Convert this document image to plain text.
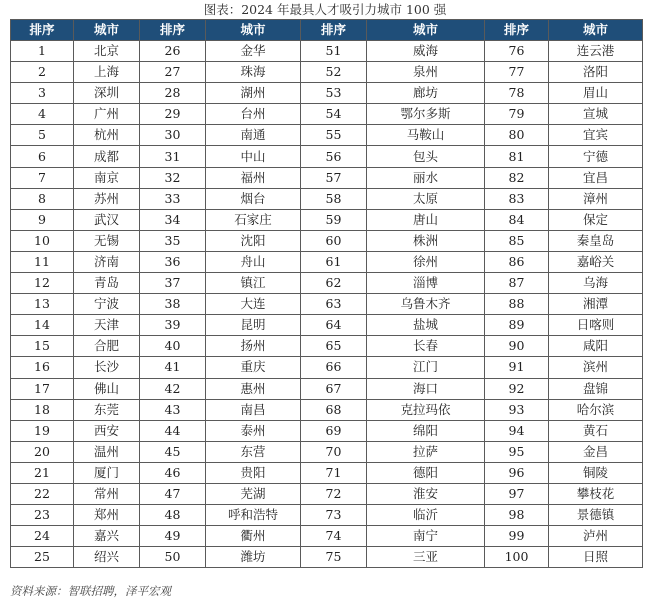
图表：2024 年最具人才吸引力城市 100 强
排序	城市	排序	城市	排序	城市	排序	城市
1	北京	26	金华	51	威海	76	连云港
2	上海	27	珠海	52	泉州	77	洛阳
3	深圳	28	湖州	53	廊坊	78	眉山
4	广州	29	台州	54	鄂尔多斯	79	宣城
5	杭州	30	南通	55	马鞍山	80	宜宾
6	成都	31	中山	56	包头	81	宁德
7	南京	32	福州	57	丽水	82	宜昌
8	苏州	33	烟台	58	太原	83	漳州
9	武汉	34	石家庄	59	唐山	84	保定
10	无锡	35	沈阳	60	株洲	85	秦皇岛
11	济南	36	舟山	61	徐州	86	嘉峪关
12	青岛	37	镇江	62	淄博	87	乌海
13	宁波	38	大连	63	乌鲁木齐	88	湘潭
14	天津	39	昆明	64	盐城	89	日喀则
15	合肥	40	扬州	65	长春	90	咸阳
16	长沙	41	重庆	66	江门	91	滨州
17	佛山	42	惠州	67	海口	92	盘锦
18	东莞	43	南昌	68	克拉玛依	93	哈尔滨
19	西安	44	泰州	69	绵阳	94	黄石
20	温州	45	东营	70	拉萨	95	金昌
21	厦门	46	贵阳	71	德阳	96	铜陵
22	常州	47	芜湖	72	淮安	97	攀枝花
23	郑州	48	呼和浩特	73	临沂	98	景德镇
24	嘉兴	49	衢州	74	南宁	99	泸州
25	绍兴	50	潍坊	75	三亚	100	日照
资料来源：智联招聘，泽平宏观
